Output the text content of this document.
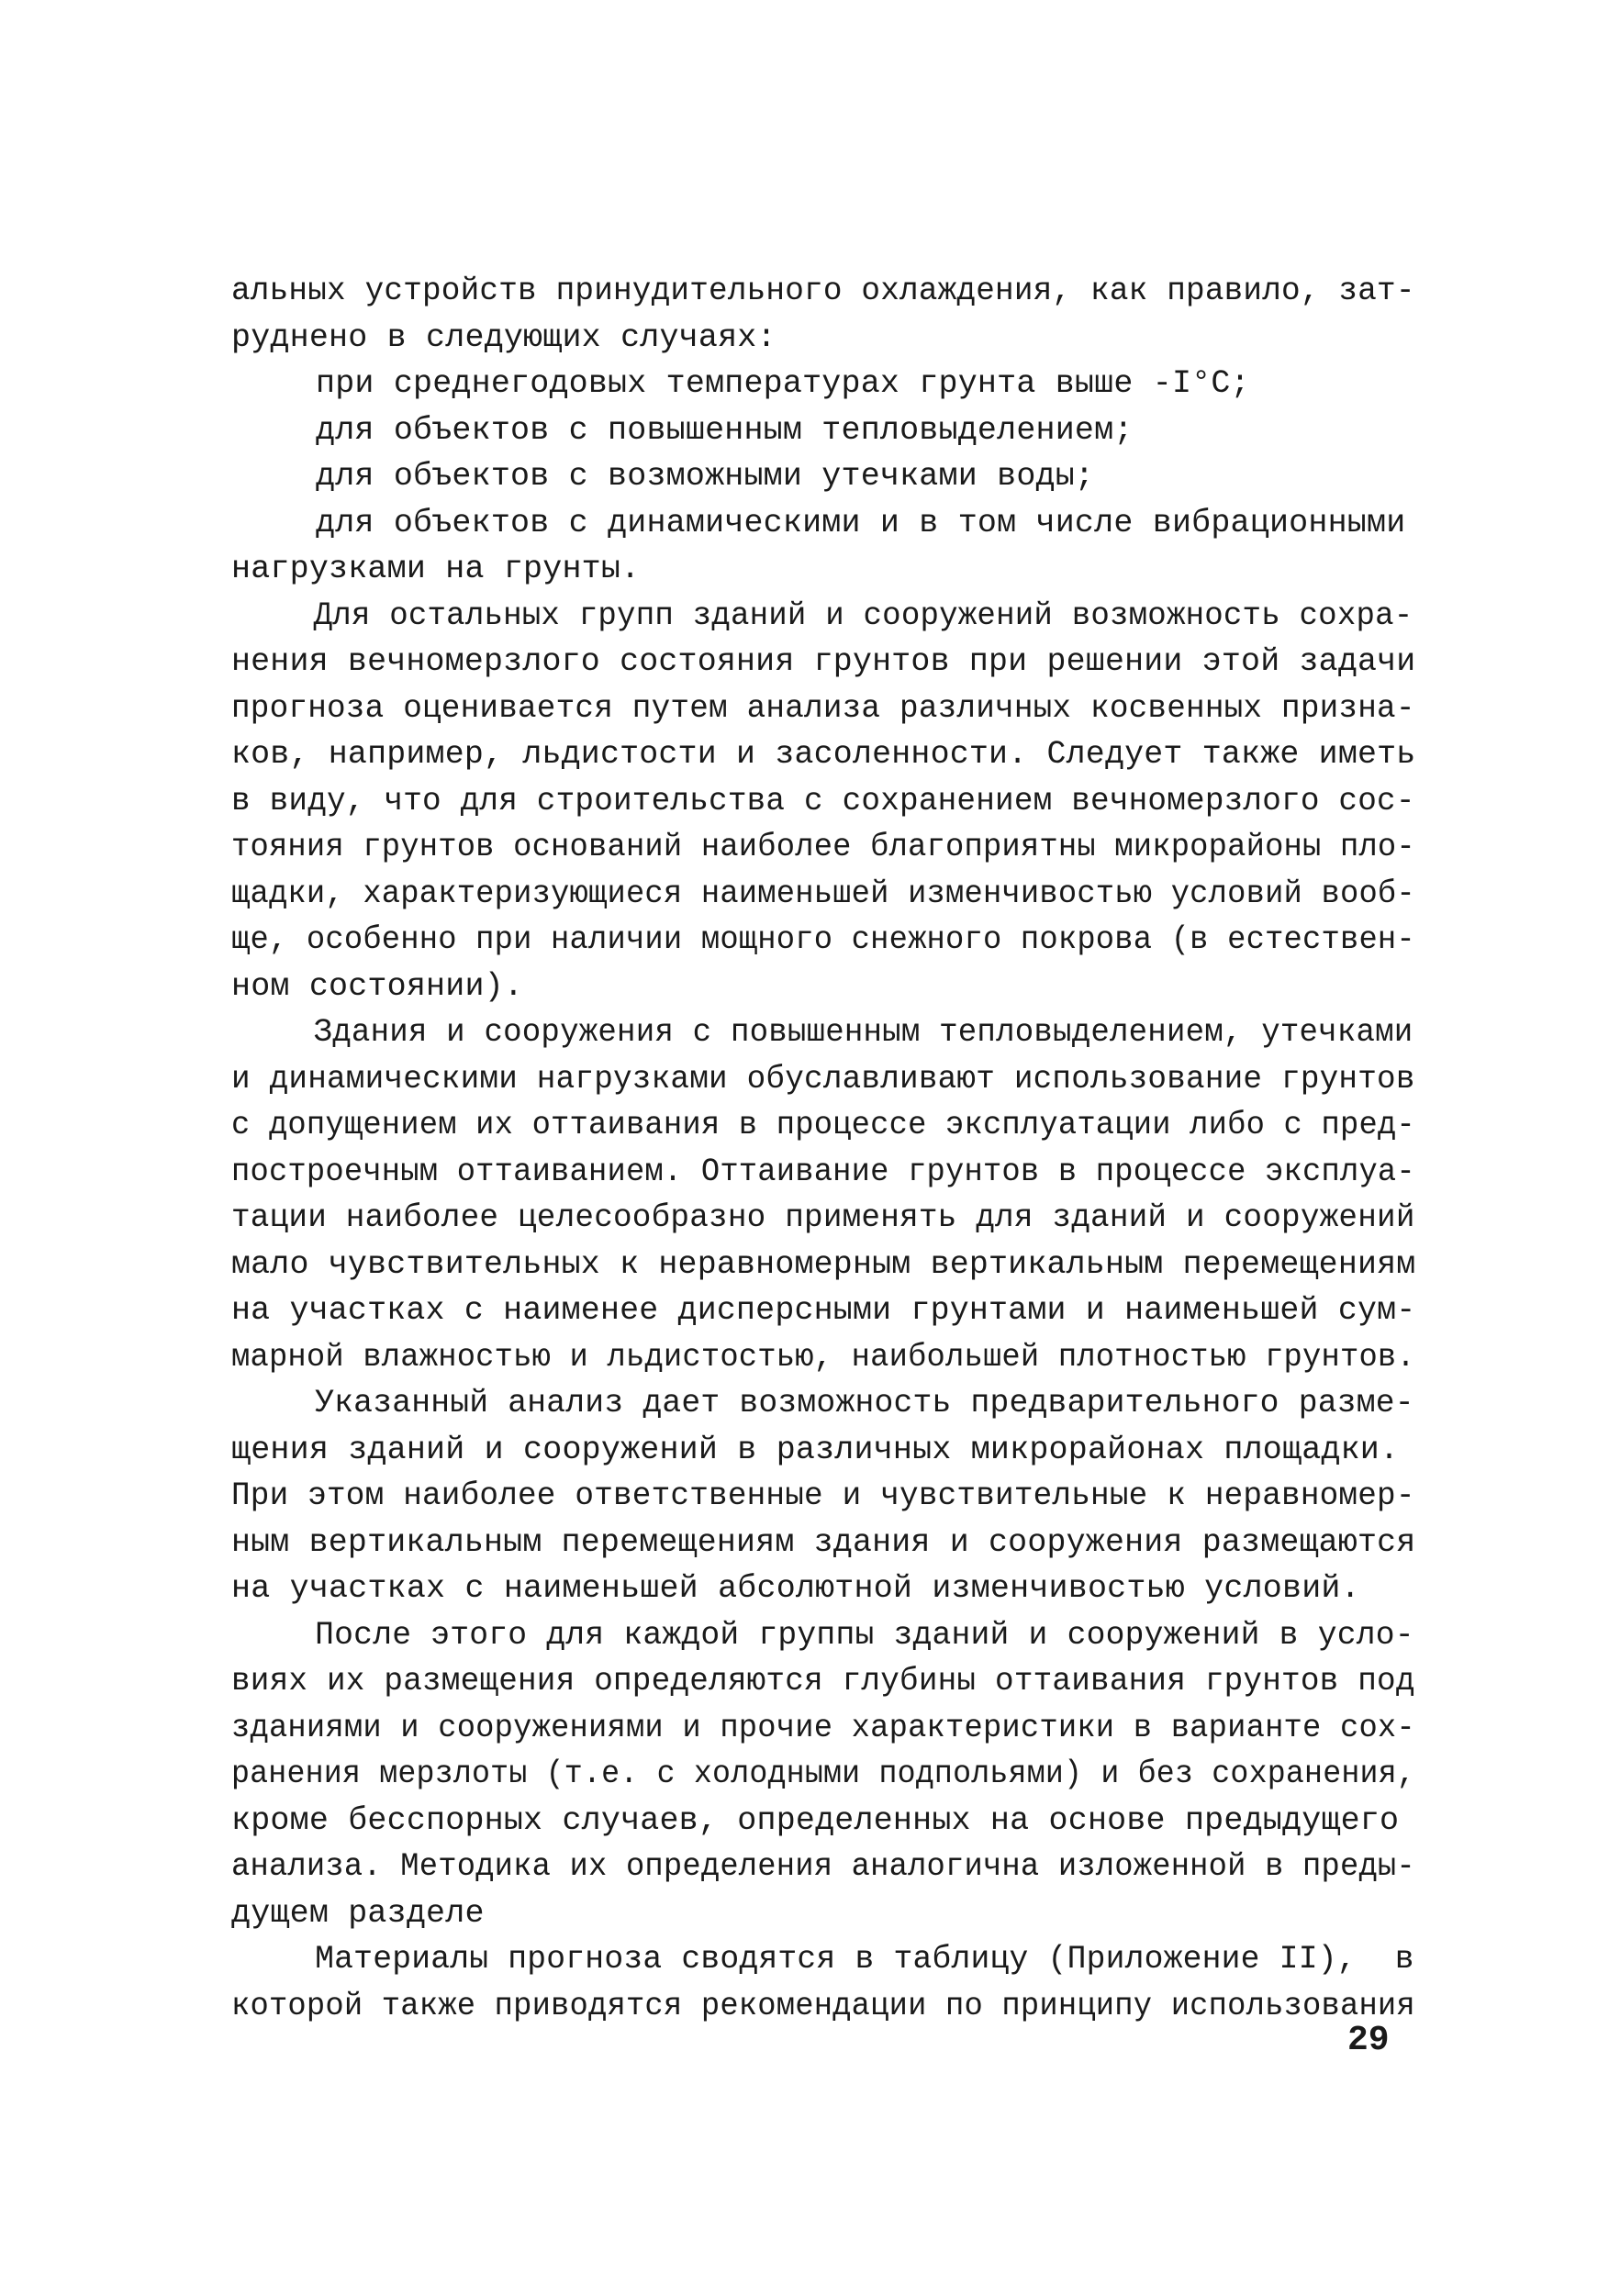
альных устройств принудительного охлаждения, как правило, зат-
руднено в следующих случаях:
при среднегодовых температурах грунта выше -I°C;
для объектов с повышенным тепловыделением;
для объектов с возможными утечками воды;
для объектов с динамическими и в том числе вибрационными
нагрузками на грунты.
Для остальных групп зданий и сооружений возможность сохра-
нения вечномерзлого состояния грунтов при решении этой задачи
прогноза оценивается путем анализа различных косвенных призна-
ков, например, льдистости и засоленности. Следует также иметь
в виду, что для строительства с сохранением вечномерзлого сос-
тояния грунтов оснований наиболее благоприятны микрорайоны пло-
щадки, характеризующиеся наименьшей изменчивостью условий вооб-
ще, особенно при наличии мощного снежного покрова (в естествен-
ном состоянии).
Здания и сооружения с повышенным тепловыделением, утечками
и динамическими нагрузками обуславливают использование грунтов
с допущением их оттаивания в процессе эксплуатации либо с пред-
построечным оттаиванием. Оттаивание грунтов в процессе эксплуа-
тации наиболее целесообразно применять для зданий и сооружений
мало чувствительных к неравномерным вертикальным перемещениям
на участках с наименее дисперсными грунтами и наименьшей сум-
марной влажностью и льдистостью, наибольшей плотностью грунтов.
Указанный анализ дает возможность предварительного разме-
щения зданий и сооружений в различных микрорайонах площадки.
При этом наиболее ответственные и чувствительные к неравномер-
ным вертикальным перемещениям здания и сооружения размещаются
на участках с наименьшей абсолютной изменчивостью условий.
После этого для каждой группы зданий и сооружений в усло-
виях их размещения определяются глубины оттаивания грунтов под
зданиями и сооружениями и прочие характеристики в варианте сох-
ранения мерзлоты (т.е. с холодными подпольями) и без сохранения,
кроме бесспорных случаев, определенных на основе предыдущего
анализа. Методика их определения аналогична изложенной в преды-
дущем разделе
Материалы прогноза сводятся в таблицу (Приложение II),  в
которой также приводятся рекомендации по принципу использования
29
